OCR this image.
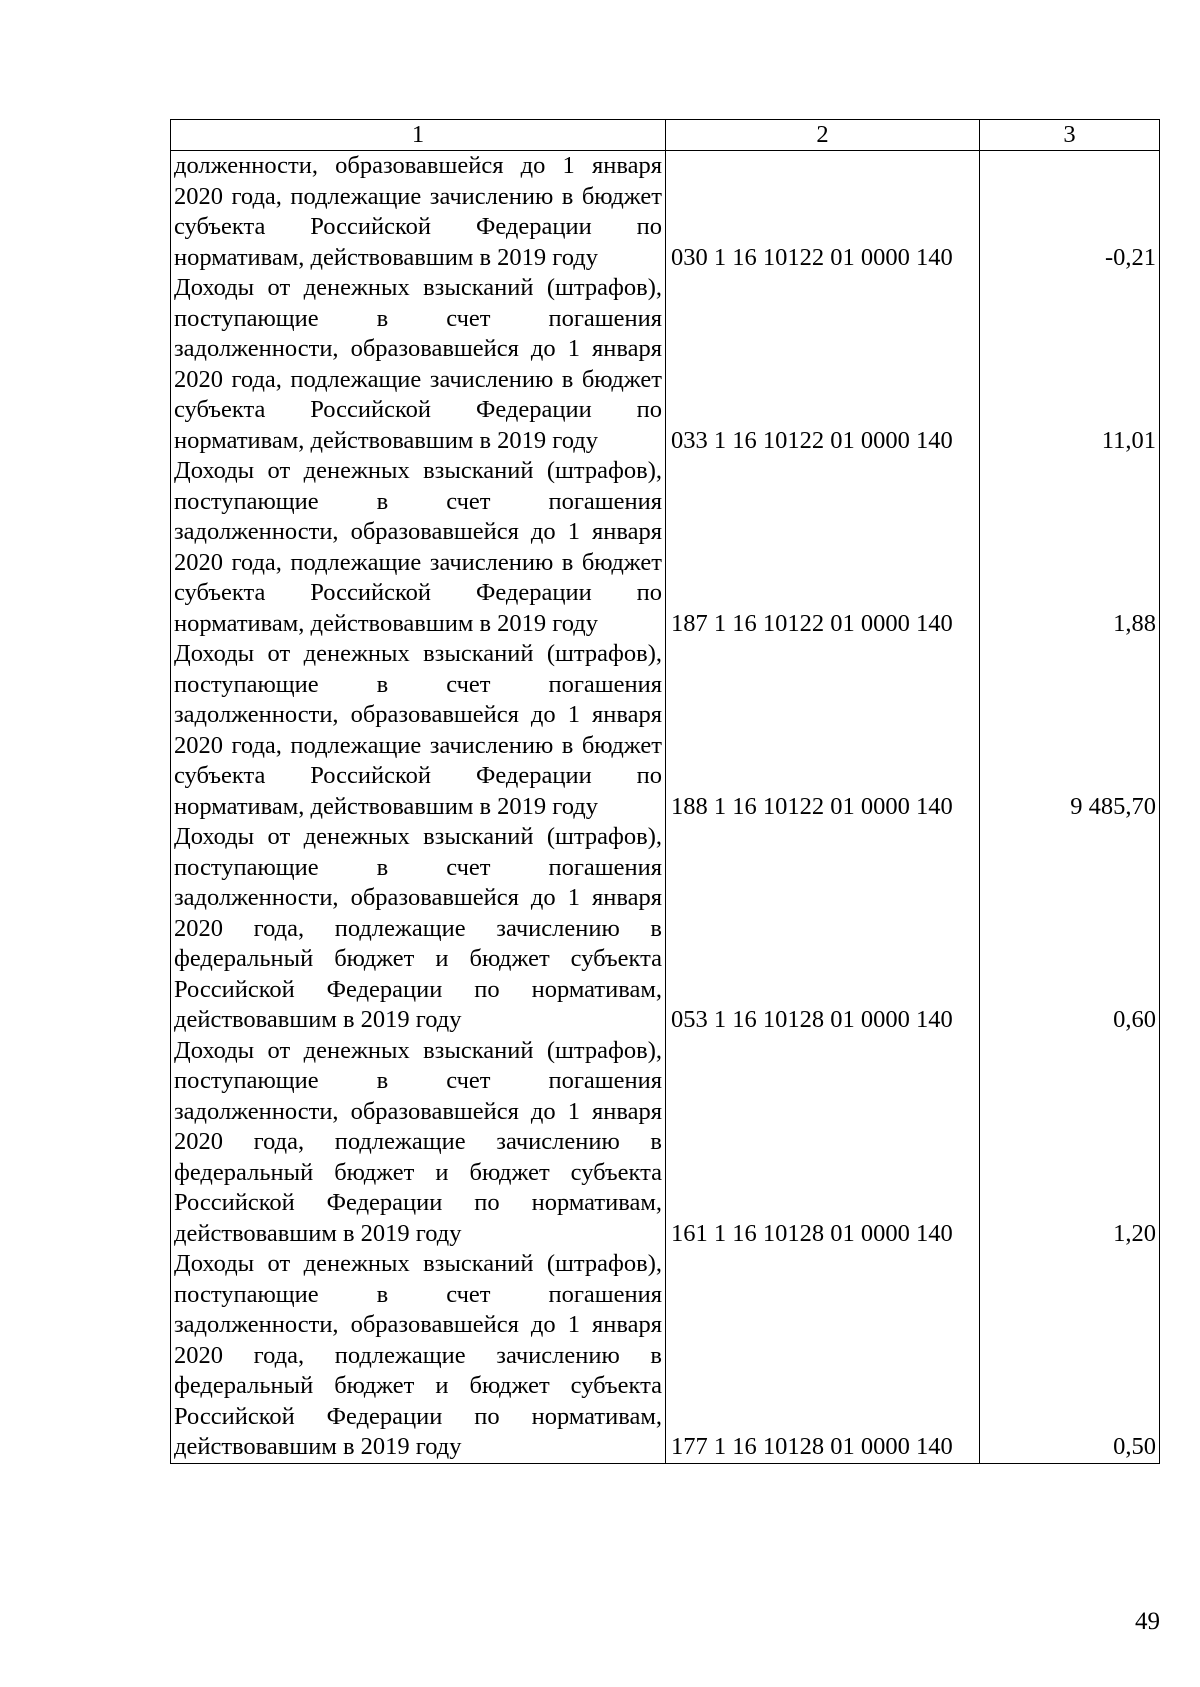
1	2	3
долженности, образовавшейся до 1 января 2020 года, подлежащие зачислению в бюджет субъекта Российской Федерации по нормативам, действовавшим в 2019 году	030 1 16 10122 01 0000 140	-0,21
Доходы от денежных взысканий (штрафов), поступающие в счет погашения задолженности, образовавшейся до 1 января 2020 года, подлежащие зачислению в бюджет субъекта Российской Федерации по нормативам, действовавшим в 2019 году	033 1 16 10122 01 0000 140	11,01
Доходы от денежных взысканий (штрафов), поступающие в счет погашения задолженности, образовавшейся до 1 января 2020 года, подлежащие зачислению в бюджет субъекта Российской Федерации по нормативам, действовавшим в 2019 году	187 1 16 10122 01 0000 140	1,88
Доходы от денежных взысканий (штрафов), поступающие в счет погашения задолженности, образовавшейся до 1 января 2020 года, подлежащие зачислению в бюджет субъекта Российской Федерации по нормативам, действовавшим в 2019 году	188 1 16 10122 01 0000 140	9 485,70
Доходы от денежных взысканий (штрафов), поступающие в счет погашения задолженности, образовавшейся до 1 января 2020 года, подлежащие зачислению в федеральный бюджет и бюджет субъекта Российской Федерации по нормативам, действовавшим в 2019 году	053 1 16 10128 01 0000 140	0,60
Доходы от денежных взысканий (штрафов), поступающие в счет погашения задолженности, образовавшейся до 1 января 2020 года, подлежащие зачислению в федеральный бюджет и бюджет субъекта Российской Федерации по нормативам, действовавшим в 2019 году	161 1 16 10128 01 0000 140	1,20
Доходы от денежных взысканий (штрафов), поступающие в счет погашения задолженности, образовавшейся до 1 января 2020 года, подлежащие зачислению в федеральный бюджет и бюджет субъекта Российской Федерации по нормативам, действовавшим в 2019 году	177 1 16 10128 01 0000 140	0,50
49
